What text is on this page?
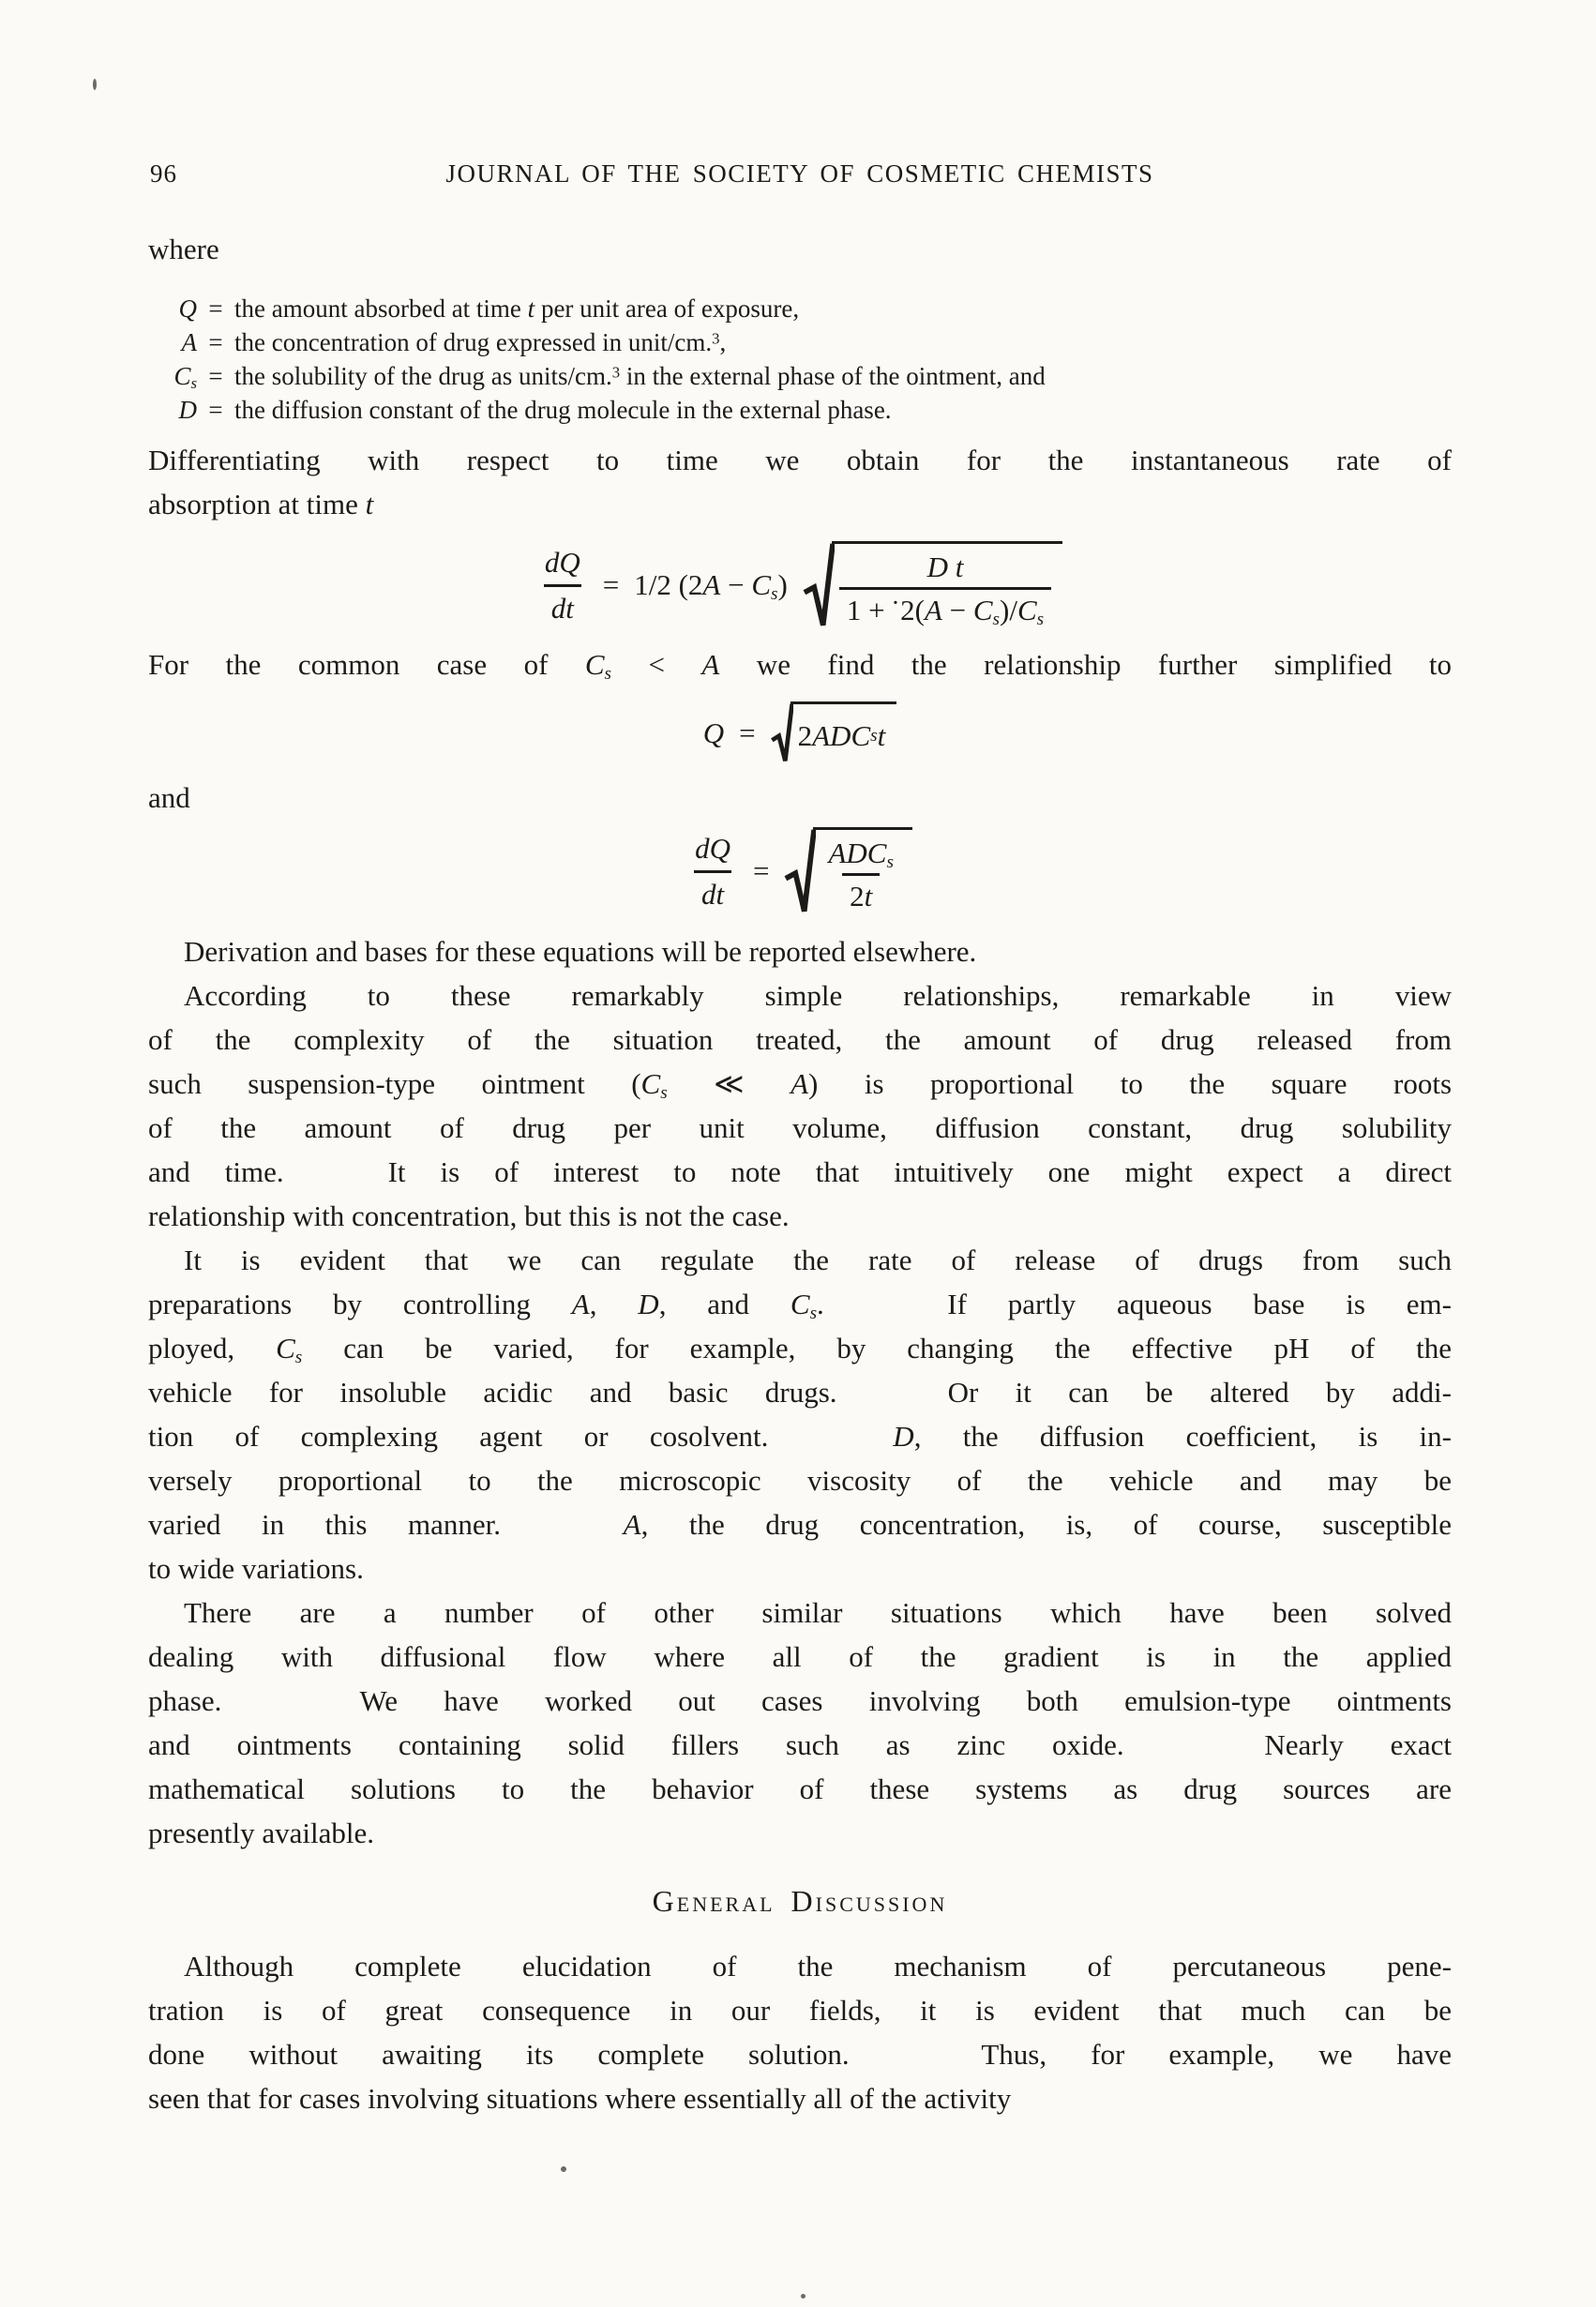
96	JOURNAL OF THE SOCIETY OF COSMETIC CHEMISTS
where
Q = the amount absorbed at time t per unit area of exposure,
A = the concentration of drug expressed in unit/cm.$^3$,
$C_s$ = the solubility of the drug as units/cm.$^3$ in the external phase of the ointment, and
D = the diffusion constant of the drug molecule in the external phase.
Differentiating with respect to time we obtain for the instantaneous rate of
absorption at time t
$\frac{dQ}{dt} = 1/2$ $(2A - C_s) \frac{\text{D t}}{1 + ˙2(A - C_s)/C_s}$
For the common case of $C_s < A$ we find the relationship further simplified to
Q = 2 ADC s t
and
$\frac{dQ}{dt} = \frac{ADC_s}{2t}$
Derivation and bases for these equations will be reported elsewhere.
According to these remarkably simple relationships, remarkable in view
of the complexity of the situation treated, the amount of drug released from
such suspension-type ointment ($C_s$ ≪ A) is proportional to the square roots
of the amount of drug per unit volume, diffusion constant, drug solubility
and time.   It is of interest to note that intuitively one might expect a direct
relationship with concentration, but this is not the case.
It is evident that we can regulate the rate of release of drugs from such
preparations by controlling A, D, and $C_s$.   If partly aqueous base is em-
ployed, $C_s$ can be varied, for example, by changing the effective pH of the
vehicle for insoluble acidic and basic drugs.   Or it can be altered by addi-
tion of complexing agent or cosolvent.   D, the diffusion coefficient, is in-
versely proportional to the microscopic viscosity of the vehicle and may be
varied in this manner.   A, the drug concentration, is, of course, susceptible
to wide variations.
There are a number of other similar situations which have been solved
dealing with diffusional flow where all of the gradient is in the applied
phase.   We have worked out cases involving both emulsion-type ointments
and ointments containing solid fillers such as zinc oxide.   Nearly exact
mathematical solutions to the behavior of these systems as drug sources are
presently available.
General Discussion
Although complete elucidation of the mechanism of percutaneous pene-
tration is of great consequence in our fields, it is evident that much can be
done without awaiting its complete solution.   Thus, for example, we have
seen that for cases involving situations where essentially all of the activity
